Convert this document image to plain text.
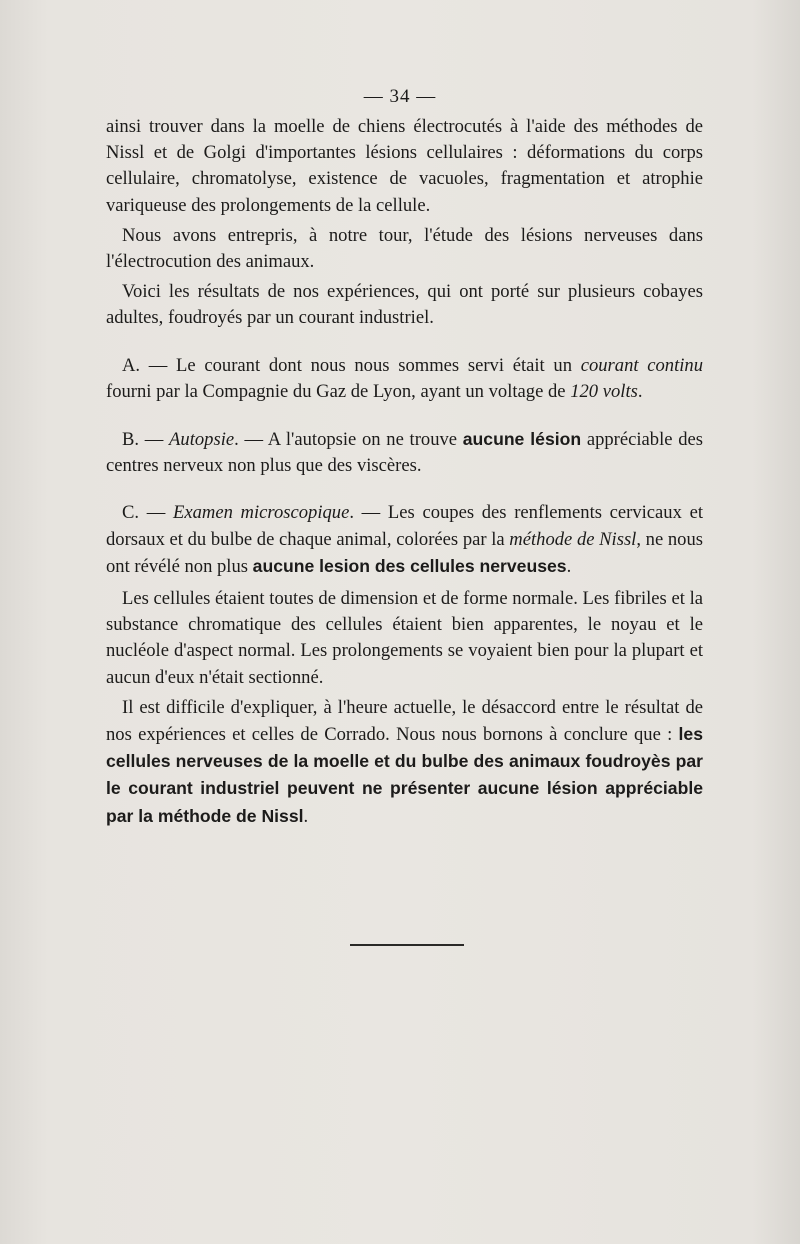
— 34 —

ainsi trouver dans la moelle de chiens électrocutés à l'aide des méthodes de Nissl et de Golgi d'importantes lésions cellulaires : déformations du corps cellulaire, chromatolyse, existence de vacuoles, fragmentation et atrophie variqueuse des prolongements de la cellule.

Nous avons entrepris, à notre tour, l'étude des lésions nerveuses dans l'électrocution des animaux.

Voici les résultats de nos expériences, qui ont porté sur plusieurs cobayes adultes, foudroyés par un courant industriel.

A. — Le courant dont nous nous sommes servi était un courant continu fourni par la Compagnie du Gaz de Lyon, ayant un voltage de 120 volts.

B. — Autopsie. — A l'autopsie on ne trouve aucune lésion appréciable des centres nerveux non plus que des viscères.

C. — Examen microscopique. — Les coupes des renflements cervicaux et dorsaux et du bulbe de chaque animal, colorées par la méthode de Nissl, ne nous ont révélé non plus aucune lesion des cellules nerveuses.

Les cellules étaient toutes de dimension et de forme normale. Les fibriles et la substance chromatique des cellules étaient bien apparentes, le noyau et le nucléole d'aspect normal. Les prolongements se voyaient bien pour la plupart et aucun d'eux n'était sectionné.

Il est difficile d'expliquer, à l'heure actuelle, le désaccord entre le résultat de nos expériences et celles de Corrado. Nous nous bornons à conclure que : les cellules nerveuses de la moelle et du bulbe des animaux foudroyès par le courant industriel peuvent ne présenter aucune lésion appréciable par la méthode de Nissl.
